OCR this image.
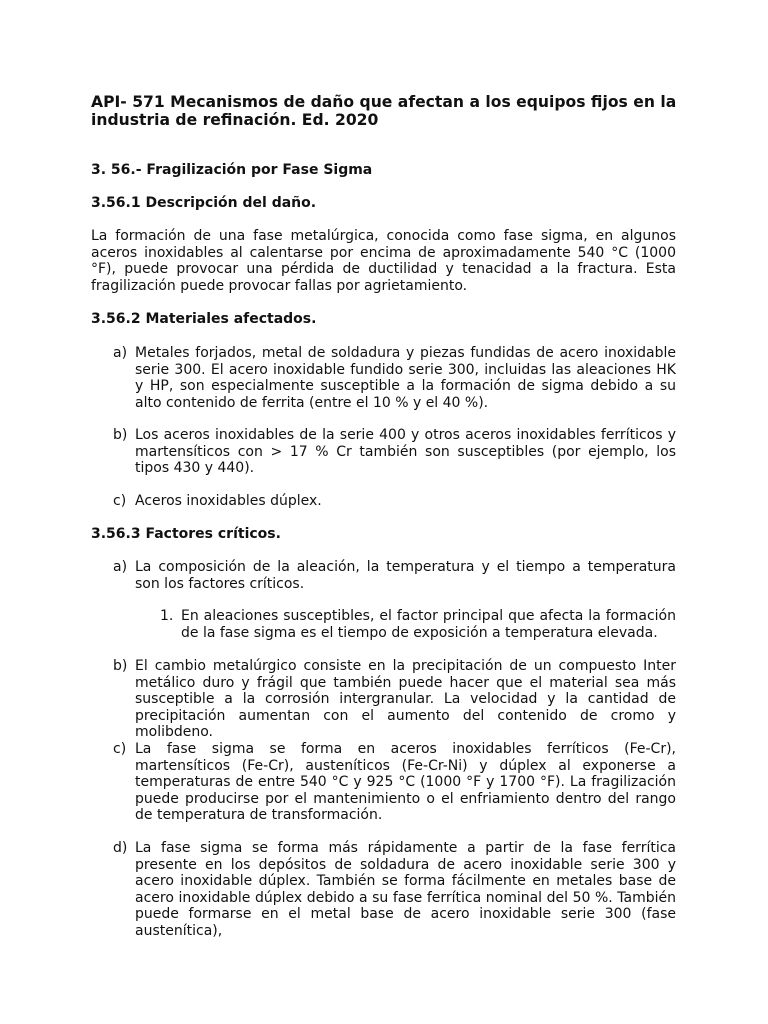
API- 571 Mecanismos de daño que afectan a los equipos fijos en la industria de refinación. Ed. 2020
3. 56.- Fragilización por Fase Sigma
3.56.1 Descripción del daño.
La formación de una fase metalúrgica, conocida como fase sigma, en algunos aceros inoxidables al calentarse por encima de aproximadamente 540 °C (1000 °F), puede provocar una pérdida de ductilidad y tenacidad a la fractura. Esta fragilización puede provocar fallas por agrietamiento.
3.56.2 Materiales afectados.
a) Metales forjados, metal de soldadura y piezas fundidas de acero inoxidable serie 300. El acero inoxidable fundido serie 300, incluidas las aleaciones HK y HP, son especialmente susceptible a la formación de sigma debido a su alto contenido de ferrita (entre el 10 % y el 40 %).
b) Los aceros inoxidables de la serie 400 y otros aceros inoxidables ferríticos y martensíticos con > 17 % Cr también son susceptibles (por ejemplo, los tipos 430 y 440).
c) Aceros inoxidables dúplex.
3.56.3 Factores críticos.
a) La composición de la aleación, la temperatura y el tiempo a temperatura son los factores críticos.
1. En aleaciones susceptibles, el factor principal que afecta la formación de la fase sigma es el tiempo de exposición a temperatura elevada.
b) El cambio metalúrgico consiste en la precipitación de un compuesto Inter metálico duro y frágil que también puede hacer que el material sea más susceptible a la corrosión intergranular. La velocidad y la cantidad de precipitación aumentan con el aumento del contenido de cromo y molibdeno.
c) La fase sigma se forma en aceros inoxidables ferríticos (Fe-Cr), martensíticos (Fe-Cr), austeníticos (Fe-Cr-Ni) y dúplex al exponerse a temperaturas de entre 540 °C y 925 °C (1000 °F y 1700 °F). La fragilización puede producirse por el mantenimiento o el enfriamiento dentro del rango de temperatura de transformación.
d) La fase sigma se forma más rápidamente a partir de la fase ferrítica presente en los depósitos de soldadura de acero inoxidable serie 300 y acero inoxidable dúplex. También se forma fácilmente en metales base de acero inoxidable dúplex debido a su fase ferrítica nominal del 50 %. También puede formarse en el metal base de acero inoxidable serie 300 (fase austenítica),
